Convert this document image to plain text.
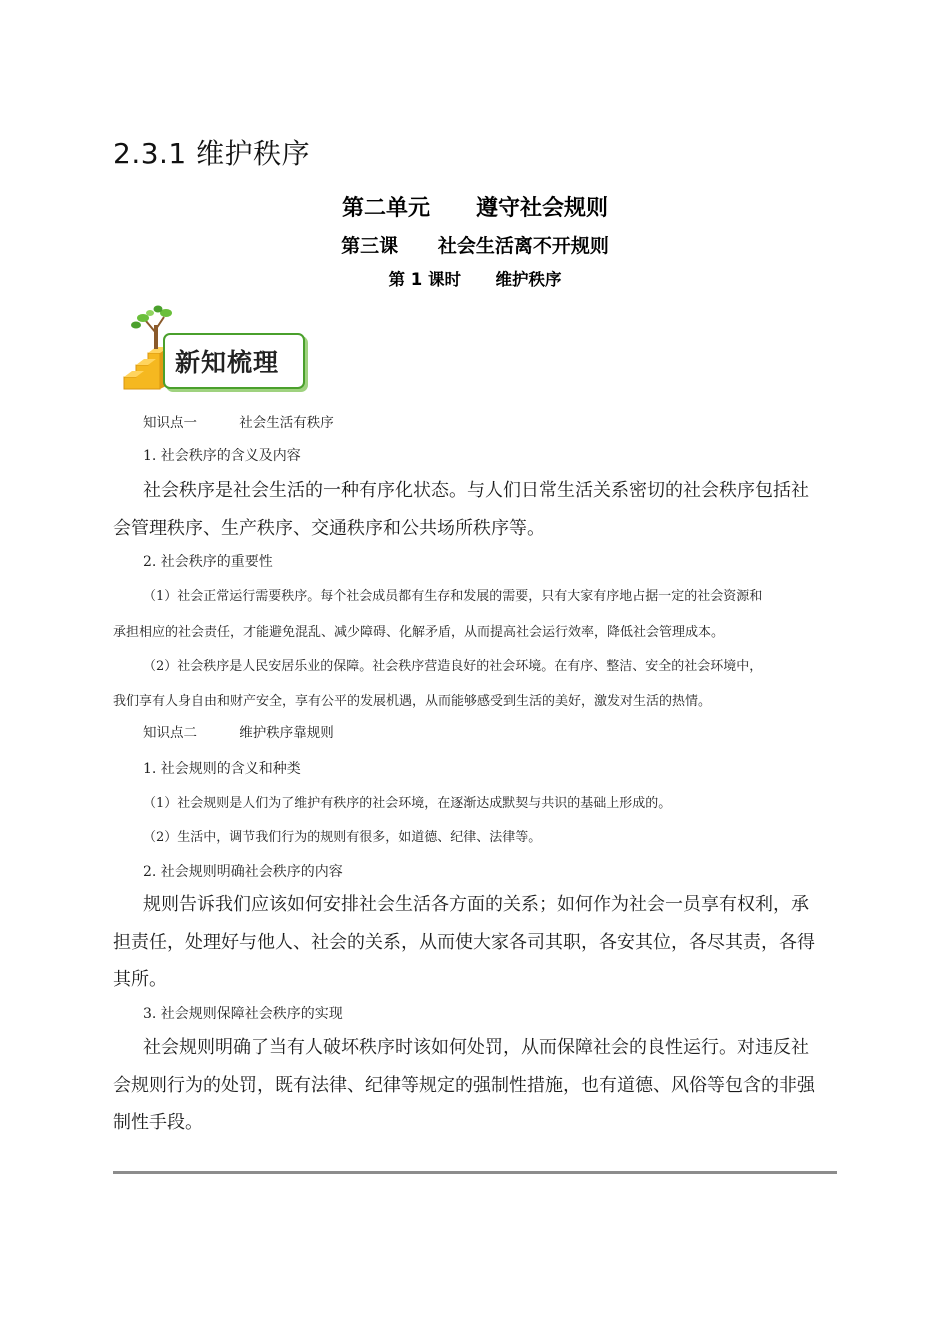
2.3.1 维护秩序
第二单元      遵守社会规则
第三课      社会生活离不开规则
第 1 课时      维护秩序
新知梳理
知识点一	社会生活有秩序
1. 社会秩序的含义及内容
社会秩序是社会生活的一种有序化状态。与人们日常生活关系密切的社会秩序包括社
会管理秩序、生产秩序、交通秩序和公共场所秩序等。
2. 社会秩序的重要性
（1）社会正常运行需要秩序。每个社会成员都有生存和发展的需要，只有大家有序地占据一定的社会资源和
承担相应的社会责任，才能避免混乱、减少障碍、化解矛盾，从而提高社会运行效率，降低社会管理成本。
（2）社会秩序是人民安居乐业的保障。社会秩序营造良好的社会环境。在有序、整洁、安全的社会环境中，
我们享有人身自由和财产安全，享有公平的发展机遇，从而能够感受到生活的美好，激发对生活的热情。
知识点二	维护秩序靠规则
1. 社会规则的含义和种类
（1）社会规则是人们为了维护有秩序的社会环境，在逐渐达成默契与共识的基础上形成的。
（2）生活中，调节我们行为的规则有很多，如道德、纪律、法律等。
2. 社会规则明确社会秩序的内容
规则告诉我们应该如何安排社会生活各方面的关系；如何作为社会一员享有权利，承
担责任，处理好与他人、社会的关系，从而使大家各司其职，各安其位，各尽其责，各得
其所。
3. 社会规则保障社会秩序的实现
社会规则明确了当有人破坏秩序时该如何处罚，从而保障社会的良性运行。对违反社
会规则行为的处罚，既有法律、纪律等规定的强制性措施，也有道德、风俗等包含的非强
制性手段。
